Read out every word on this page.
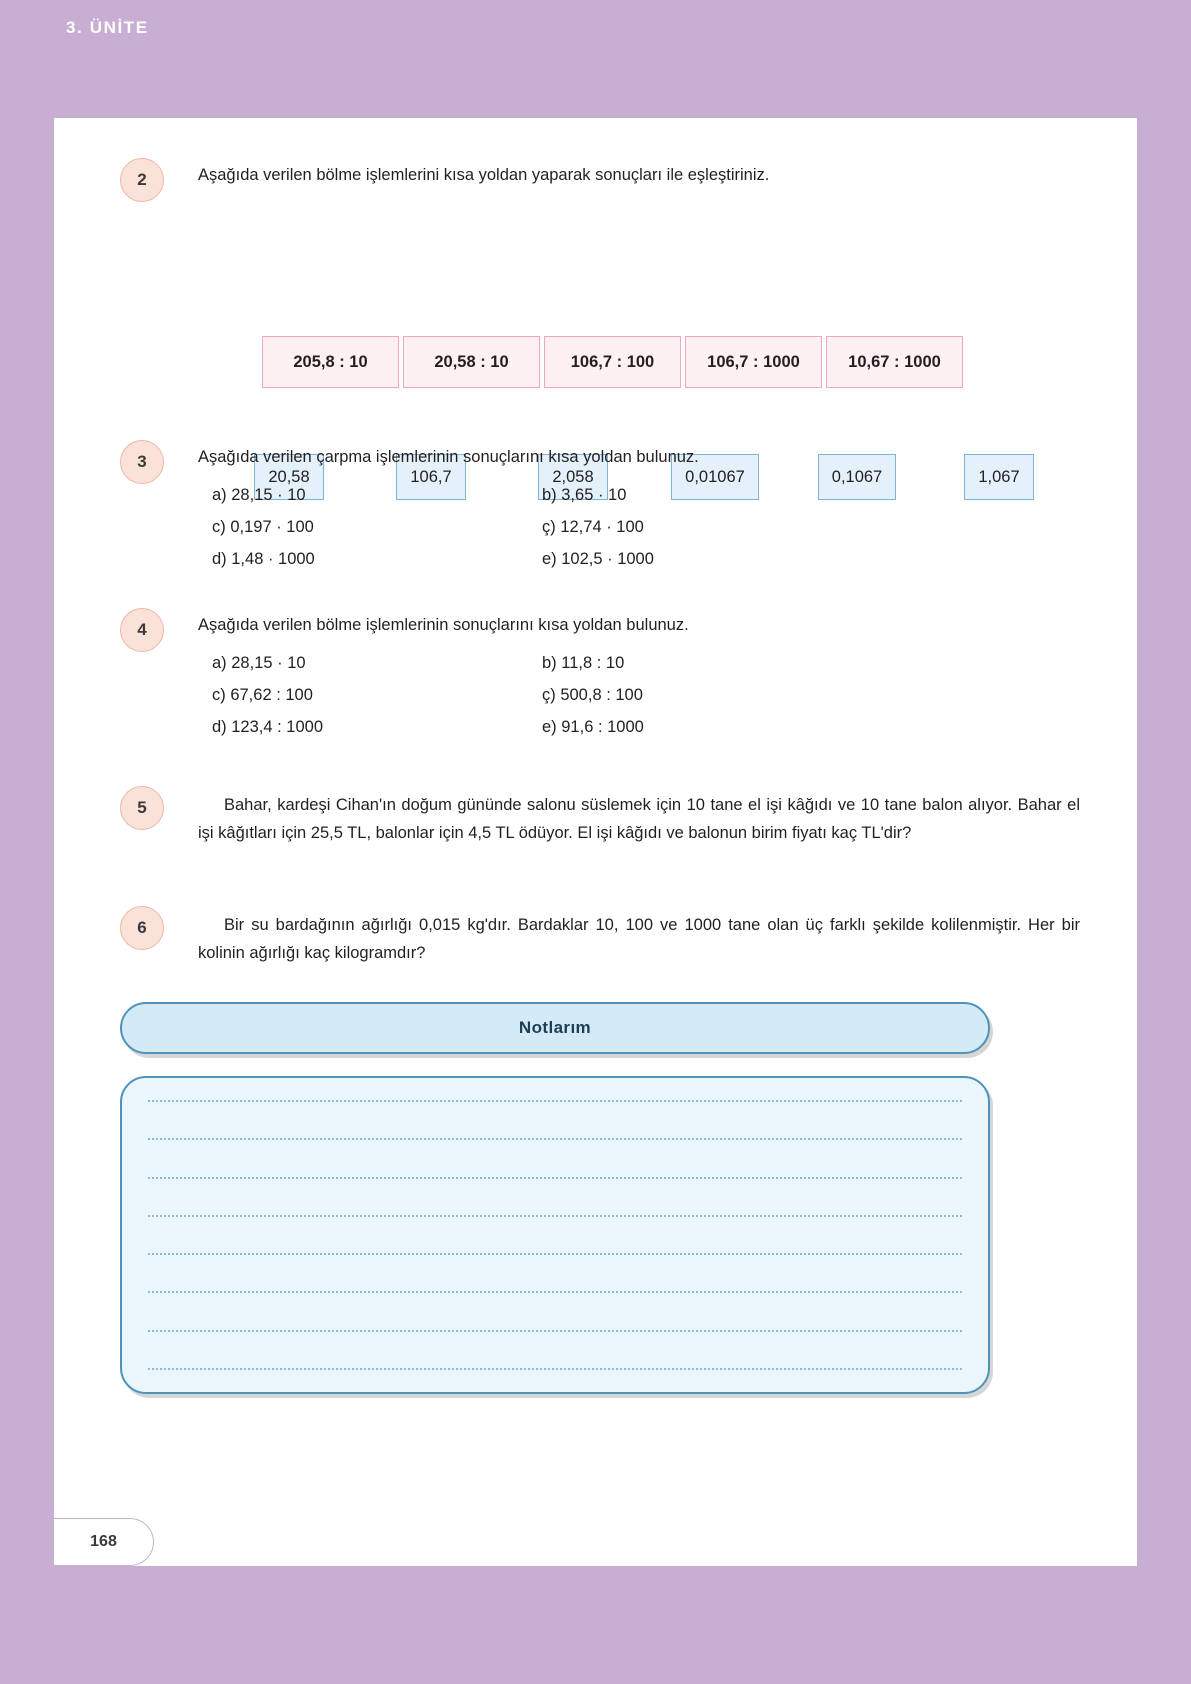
3. ÜNİTE
2	Aşağıda verilen bölme işlemlerini kısa yoldan yaparak sonuçları ile eşleştiriniz.
205,8 : 10	20,58 : 10	106,7 : 100	106,7 : 1000	10,67 : 1000
20,58	106,7	2,058	0,01067	0,1067	1,067
3	Aşağıda verilen çarpma işlemlerinin sonuçlarını kısa yoldan bulunuz.
a) 28,15 · 10	b) 3,65 · 10
c) 0,197 · 100	ç) 12,74 · 100
d) 1,48 · 1000	e) 102,5 · 1000
4	Aşağıda verilen bölme işlemlerinin sonuçlarını kısa yoldan bulunuz.
a) 28,15 · 10	b) 11,8 : 10
c) 67,62 : 100	ç) 500,8 : 100
d) 123,4 : 1000	e) 91,6 : 1000
5	Bahar, kardeşi Cihan'ın doğum gününde salonu süslemek için 10 tane el işi kâğıdı ve 10 tane balon alıyor. Bahar el işi kâğıtları için 25,5 TL, balonlar için 4,5 TL ödüyor. El işi kâğıdı ve balonun birim fiyatı kaç TL'dir?
6	Bir su bardağının ağırlığı 0,015 kg'dır. Bardaklar 10, 100 ve 1000 tane olan üç farklı şekilde kolilenmiştir. Her bir kolinin ağırlığı kaç kilogramdır?
Notlarım
168
